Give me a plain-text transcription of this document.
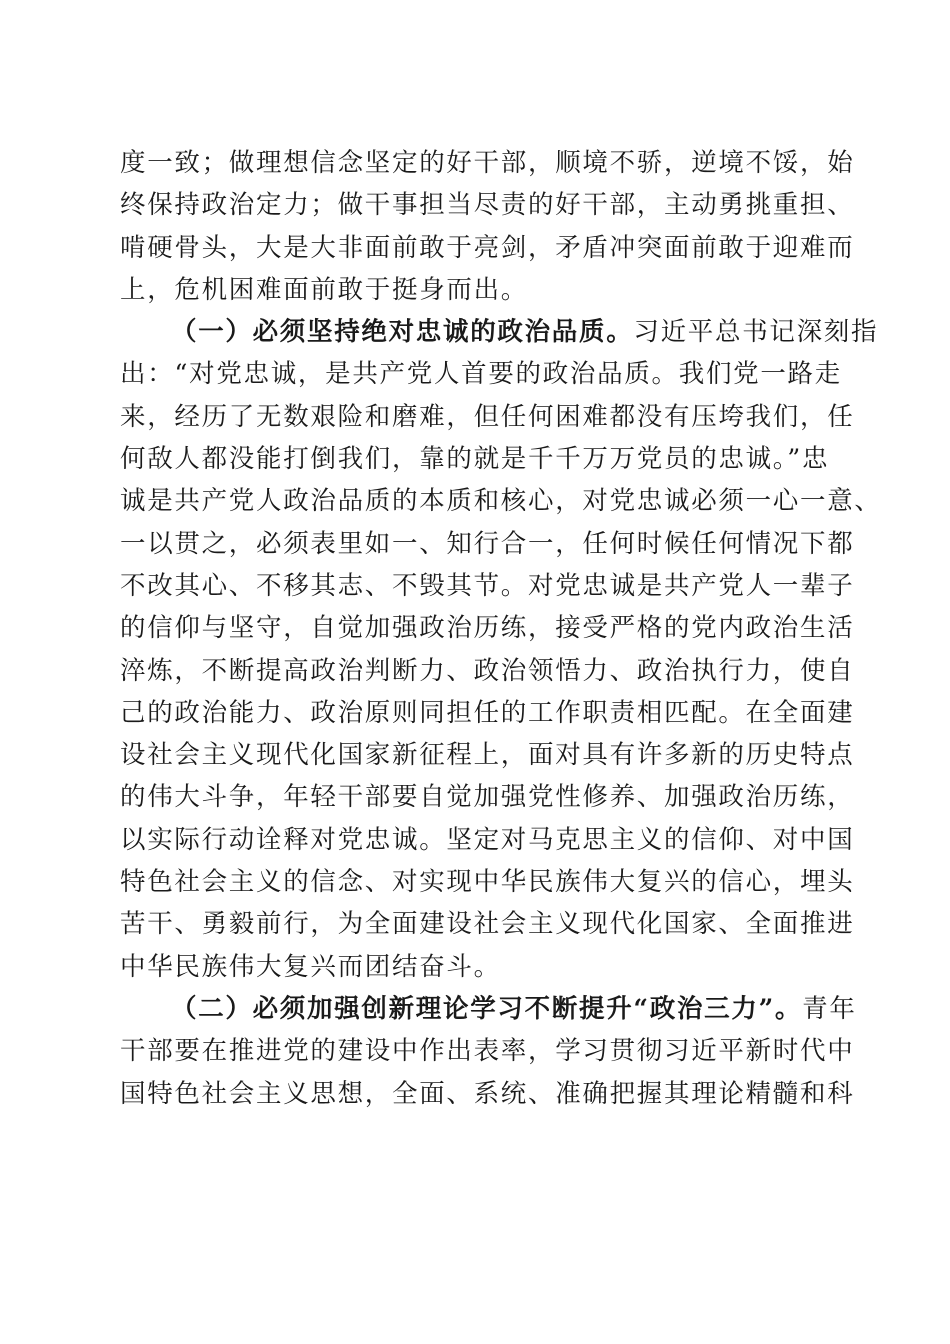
度一致；做理想信念坚定的好干部，顺境不骄，逆境不馁，始
终保持政治定力；做干事担当尽责的好干部，主动勇挑重担、
啃硬骨头，大是大非面前敢于亮剑，矛盾冲突面前敢于迎难而
上，危机困难面前敢于挺身而出。
（一）必须坚持绝对忠诚的政治品质。习近平总书记深刻指
出：“对党忠诚，是共产党人首要的政治品质。我们党一路走
来，经历了无数艰险和磨难，但任何困难都没有压垮我们，任
何敌人都没能打倒我们，靠的就是千千万万党员的忠诚。”忠
诚是共产党人政治品质的本质和核心，对党忠诚必须一心一意、
一以贯之，必须表里如一、知行合一，任何时候任何情况下都
不改其心、不移其志、不毁其节。对党忠诚是共产党人一辈子
的信仰与坚守，自觉加强政治历练，接受严格的党内政治生活
淬炼，不断提高政治判断力、政治领悟力、政治执行力，使自
己的政治能力、政治原则同担任的工作职责相匹配。在全面建
设社会主义现代化国家新征程上，面对具有许多新的历史特点
的伟大斗争，年轻干部要自觉加强党性修养、加强政治历练，
以实际行动诠释对党忠诚。坚定对马克思主义的信仰、对中国
特色社会主义的信念、对实现中华民族伟大复兴的信心，埋头
苦干、勇毅前行，为全面建设社会主义现代化国家、全面推进
中华民族伟大复兴而团结奋斗。
（二）必须加强创新理论学习不断提升“政治三力”。青年
干部要在推进党的建设中作出表率，学习贯彻习近平新时代中
国特色社会主义思想，全面、系统、准确把握其理论精髓和科
